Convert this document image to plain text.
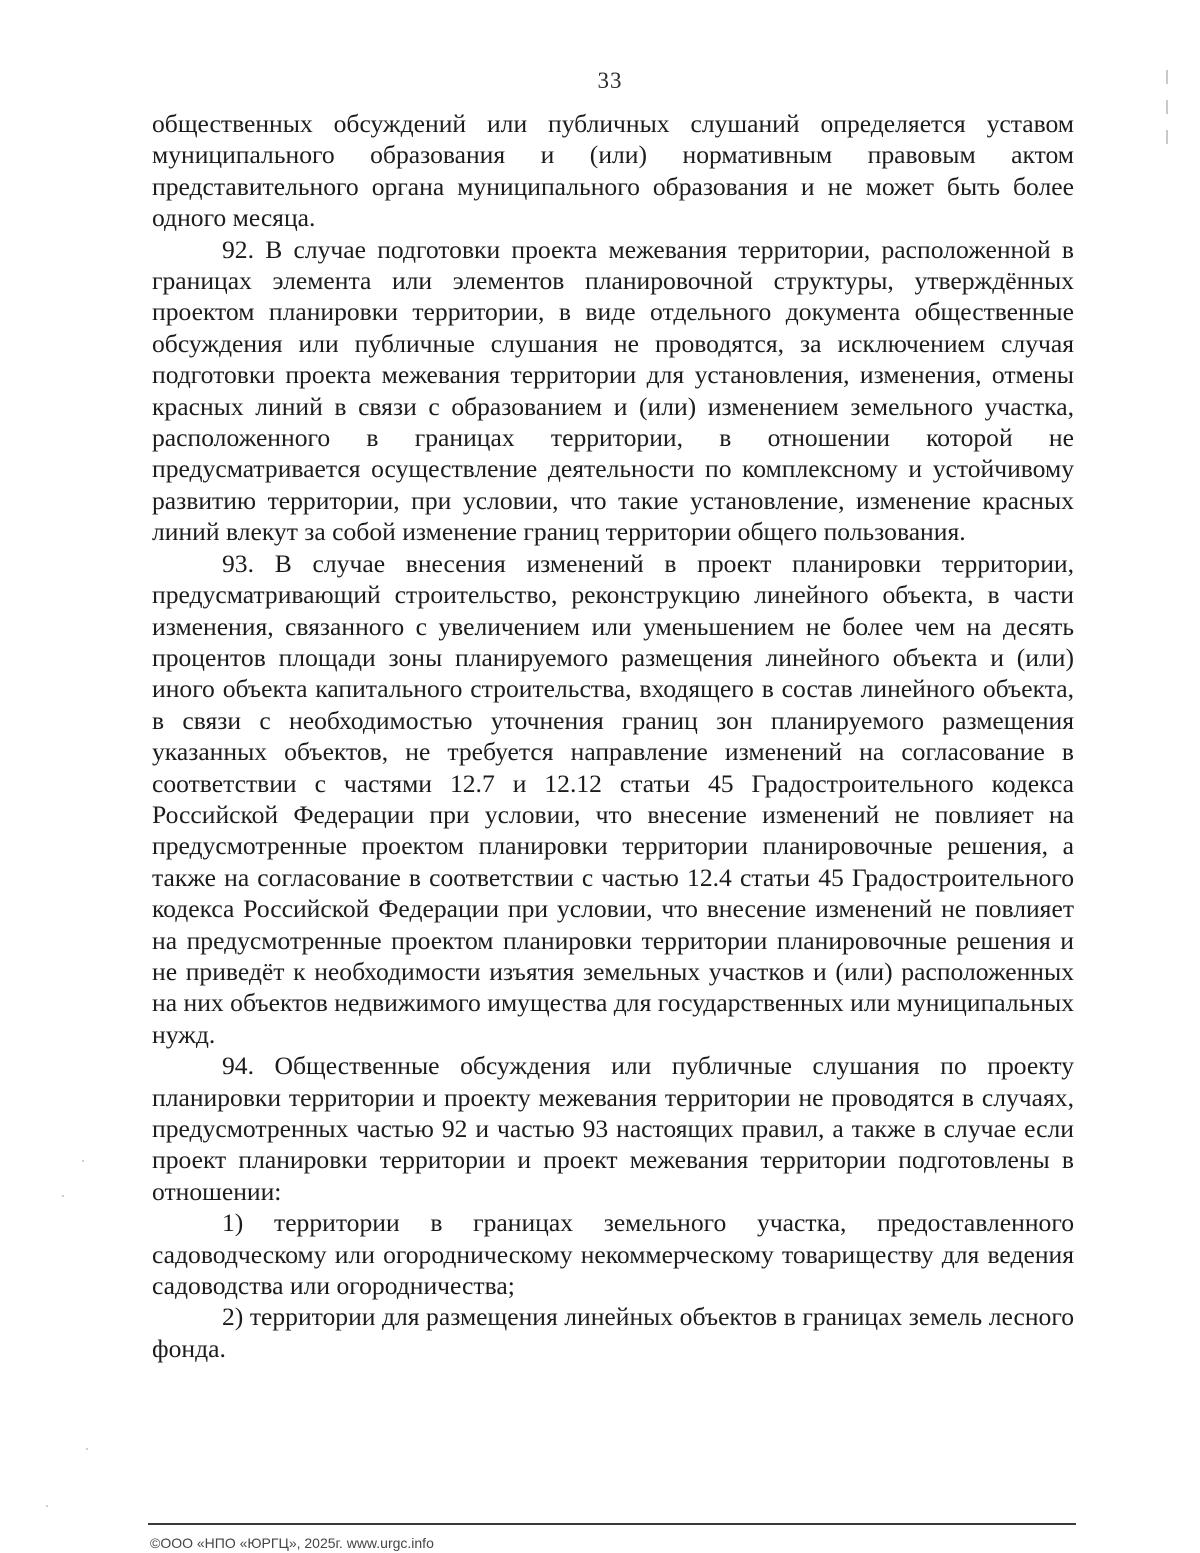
33

общественных обсуждений или публичных слушаний определяется уставом муниципального образования и (или) нормативным правовым актом представительного органа муниципального образования и не может быть более одного месяца.

92. В случае подготовки проекта межевания территории, расположенной в границах элемента или элементов планировочной структуры, утверждённых проектом планировки территории, в виде отдельного документа общественные обсуждения или публичные слушания не проводятся, за исключением случая подготовки проекта межевания территории для установления, изменения, отмены красных линий в связи с образованием и (или) изменением земельного участка, расположенного в границах территории, в отношении которой не предусматривается осуществление деятельности по комплексному и устойчивому развитию территории, при условии, что такие установление, изменение красных линий влекут за собой изменение границ территории общего пользования.

93. В случае внесения изменений в проект планировки территории, предусматривающий строительство, реконструкцию линейного объекта, в части изменения, связанного с увеличением или уменьшением не более чем на десять процентов площади зоны планируемого размещения линейного объекта и (или) иного объекта капитального строительства, входящего в состав линейного объекта, в связи с необходимостью уточнения границ зон планируемого размещения указанных объектов, не требуется направление изменений на согласование в соответствии с частями 12.7 и 12.12 статьи 45 Градостроительного кодекса Российской Федерации при условии, что внесение изменений не повлияет на предусмотренные проектом планировки территории планировочные решения, а также на согласование в соответствии с частью 12.4 статьи 45 Градостроительного кодекса Российской Федерации при условии, что внесение изменений не повлияет на предусмотренные проектом планировки территории планировочные решения и не приведёт к необходимости изъятия земельных участков и (или) расположенных на них объектов недвижимого имущества для государственных или муниципальных нужд.

94. Общественные обсуждения или публичные слушания по проекту планировки территории и проекту межевания территории не проводятся в случаях, предусмотренных частью 92 и частью 93 настоящих правил, а также в случае если проект планировки территории и проект межевания территории подготовлены в отношении:

1) территории в границах земельного участка, предоставленного садоводческому или огородническому некоммерческому товариществу для ведения садоводства или огородничества;

2) территории для размещения линейных объектов в границах земель лесного фонда.

©ООО «НПО «ЮРГЦ», 2025г. www.urgc.info
